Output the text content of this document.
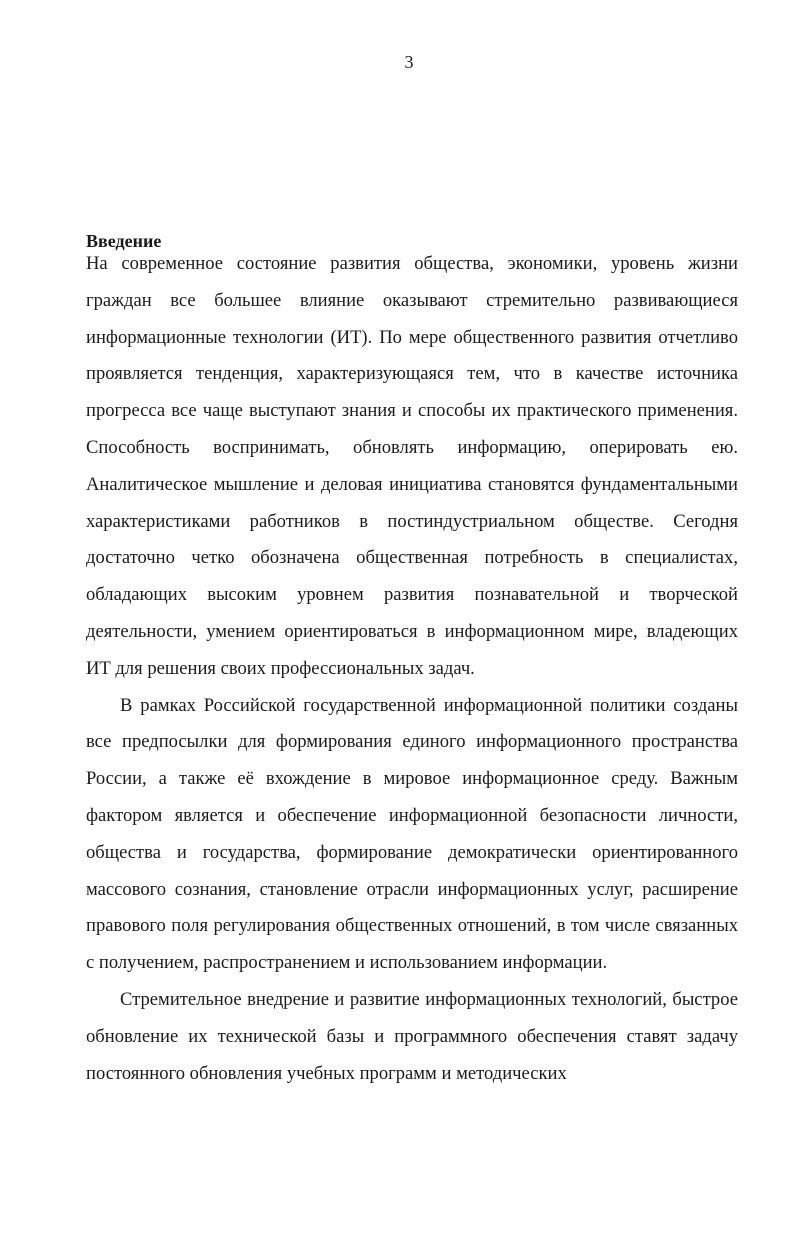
3

Введение

На современное состояние развития общества, экономики, уровень жизни граждан все большее влияние оказывают стремительно развивающиеся информационные технологии (ИТ). По мере общественного развития отчетливо проявляется тенденция, характеризующаяся тем, что в качестве источника прогресса все чаще выступают знания и способы их практического применения. Способность воспринимать, обновлять информацию, оперировать ею. Аналитическое мышление и деловая инициатива становятся фундаментальными характеристиками работников в постиндустриальном обществе. Сегодня достаточно четко обозначена общественная потребность в специалистах, обладающих высоким уровнем развития познавательной и творческой деятельности, умением ориентироваться в информационном мире, владеющих ИТ для решения своих профессиональных задач.

В рамках Российской государственной информационной политики созданы все предпосылки для формирования единого информационного пространства России, а также её вхождение в мировое информационное среду. Важным фактором является и обеспечение информационной безопасности личности, общества и государства, формирование демократически ориентированного массового сознания, становление отрасли информационных услуг, расширение правового поля регулирования общественных отношений, в том числе связанных с получением, распространением и использованием информации.

Стремительное внедрение и развитие информационных технологий, быстрое обновление их технической базы и программного обеспечения ставят задачу постоянного обновления учебных программ и методических
